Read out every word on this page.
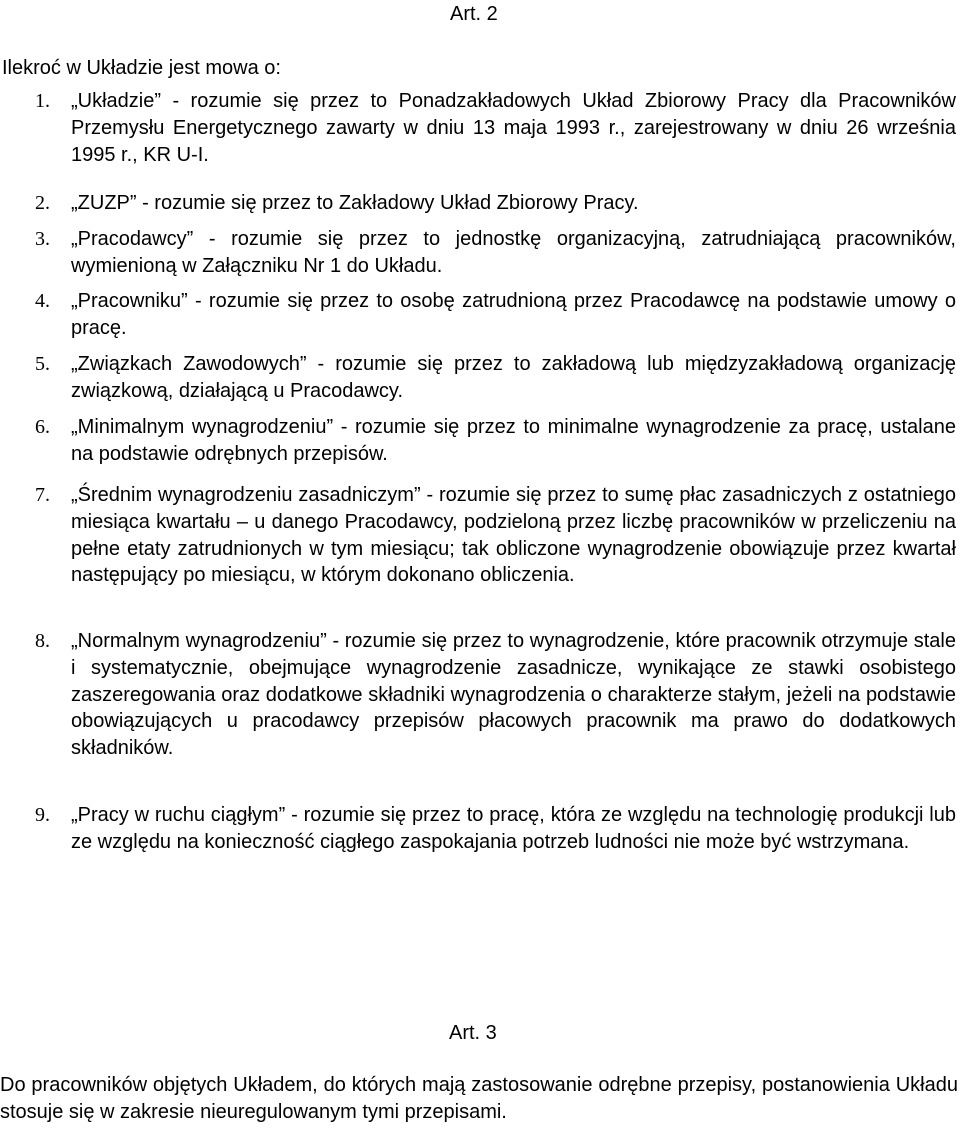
Art. 2

Ilekroć w Układzie jest mowa o:

1. „Układzie” - rozumie się przez to Ponadzakładowych Układ Zbiorowy Pracy dla Pracowników Przemysłu Energetycznego zawarty w dniu 13 maja 1993 r., zarejestrowany w dniu 26 września 1995 r., KR U-I.
2. „ZUZP” - rozumie się przez to Zakładowy Układ Zbiorowy Pracy.
3. „Pracodawcy” - rozumie się przez to jednostkę organizacyjną, zatrudniającą pracowników, wymienioną w Załączniku Nr 1 do Układu.
4. „Pracowniku” - rozumie się przez to osobę zatrudnioną przez Pracodawcę na podstawie umowy o pracę.
5. „Związkach Zawodowych” - rozumie się przez to zakładową lub międzyzakładową organizację związkową, działającą u Pracodawcy.
6. „Minimalnym wynagrodzeniu” - rozumie się przez to minimalne wynagrodzenie za pracę, ustalane na podstawie odrębnych przepisów.
7. „Średnim wynagrodzeniu zasadniczym” - rozumie się przez to sumę płac zasadniczych z ostatniego miesiąca kwartału – u danego Pracodawcy, podzieloną przez liczbę pracowników w przeliczeniu na pełne etaty zatrudnionych w tym miesiącu; tak obliczone wynagrodzenie obowiązuje przez kwartał następujący po miesiącu, w którym dokonano obliczenia.
8. „Normalnym wynagrodzeniu” - rozumie się przez to wynagrodzenie, które pracownik otrzymuje stale i systematycznie, obejmujące wynagrodzenie zasadnicze, wynikające ze stawki osobistego zaszeregowania oraz dodatkowe składniki wynagrodzenia o charakterze stałym, jeżeli na podstawie obowiązujących u pracodawcy przepisów płacowych pracownik ma prawo do dodatkowych składników.
9. „Pracy w ruchu ciągłym” - rozumie się przez to pracę, która ze względu na technologię produkcji lub ze względu na konieczność ciągłego zaspokajania potrzeb ludności nie może być wstrzymana.
Art. 3

Do pracowników objętych Układem, do których mają zastosowanie odrębne przepisy, postanowienia Układu stosuje się w zakresie nieuregulowanym tymi przepisami.
